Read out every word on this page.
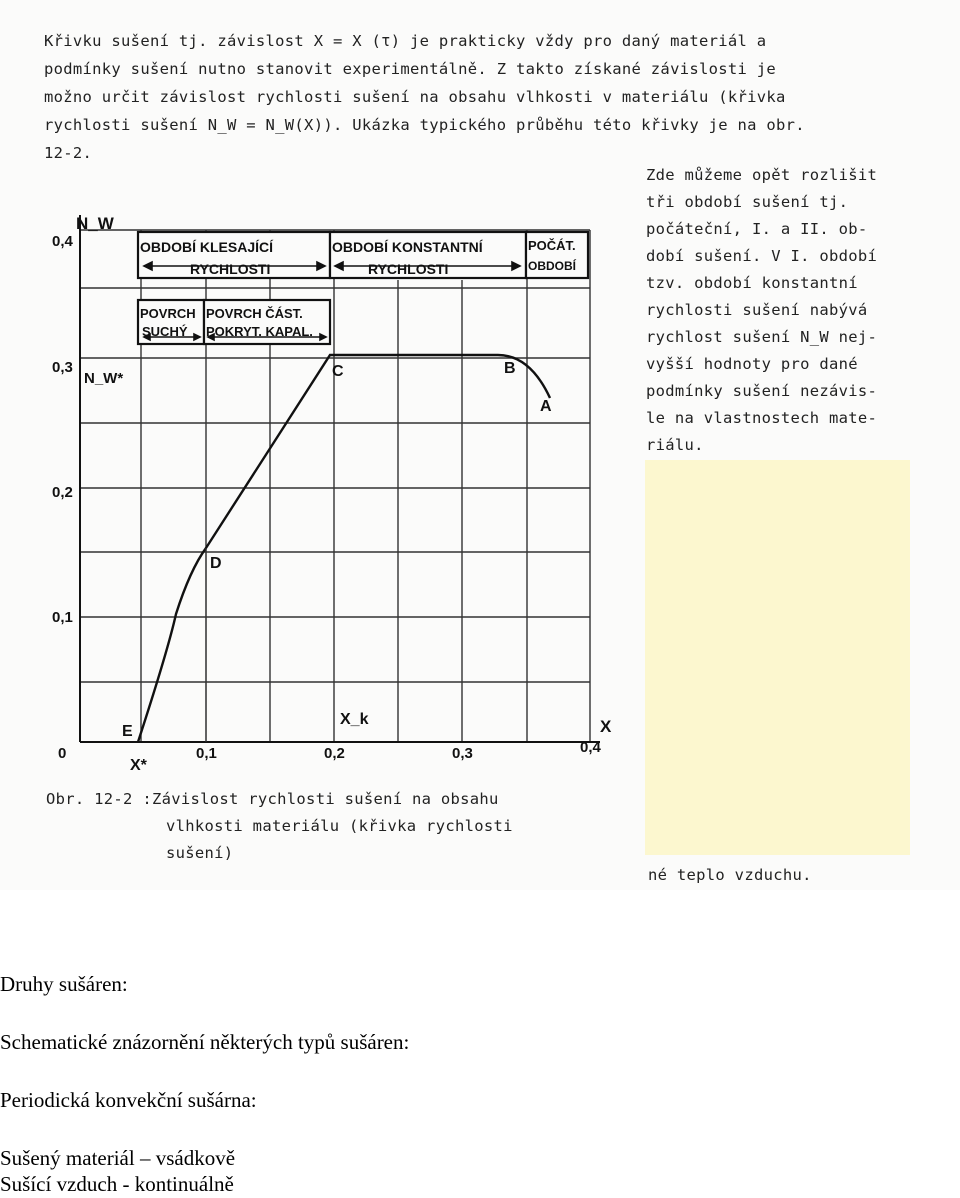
Křivku sušení tj. závislost X = X (τ) je prakticky vždy pro daný materiál a
podmínky sušení nutno stanovit experimentálně. Z takto získané závislosti je
možno určit závislost rychlosti sušení na obsahu vlhkosti v materiálu (křivka
rychlosti sušení N_W = N_W(X)). Ukázka typického průběhu této křivky je na obr.
12-2.
Zde můžeme opět rozlišit
tři období sušení tj.
počáteční, I. a II. ob-
dobí sušení. V I. období
tzv. období konstantní
rychlosti sušení nabývá
rychlost sušení N_W nej-
vyšší hodnoty pro dané
podmínky sušení nezávis-
le na vlastnostech mate-
riálu.
OBDOBÍ KLESAJÍCÍ
RYCHLOSTI
OBDOBÍ KONSTANTNÍ
RYCHLOSTI
POČÁT.
OBDOBÍ
POVRCH
SUCHÝ
POVRCH ČÁST.
POKRYT. KAPAL.
N_W
0,4
0,3
N_W*
0,2
0,1
0	0,1	0,2	0,3	0,4
X
X*
X_k
E
D
C	B
A
Obr. 12-2 :Závislost rychlosti sušení na obsahu
vlhkosti materiálu (křivka rychlosti
sušení)
né teplo vzduchu.
Druhy sušáren:
Schematické znázornění některých typů sušáren:
Periodická konvekční sušárna:
Sušený materiál – vsádkově
Sušící vzduch - kontinuálně
